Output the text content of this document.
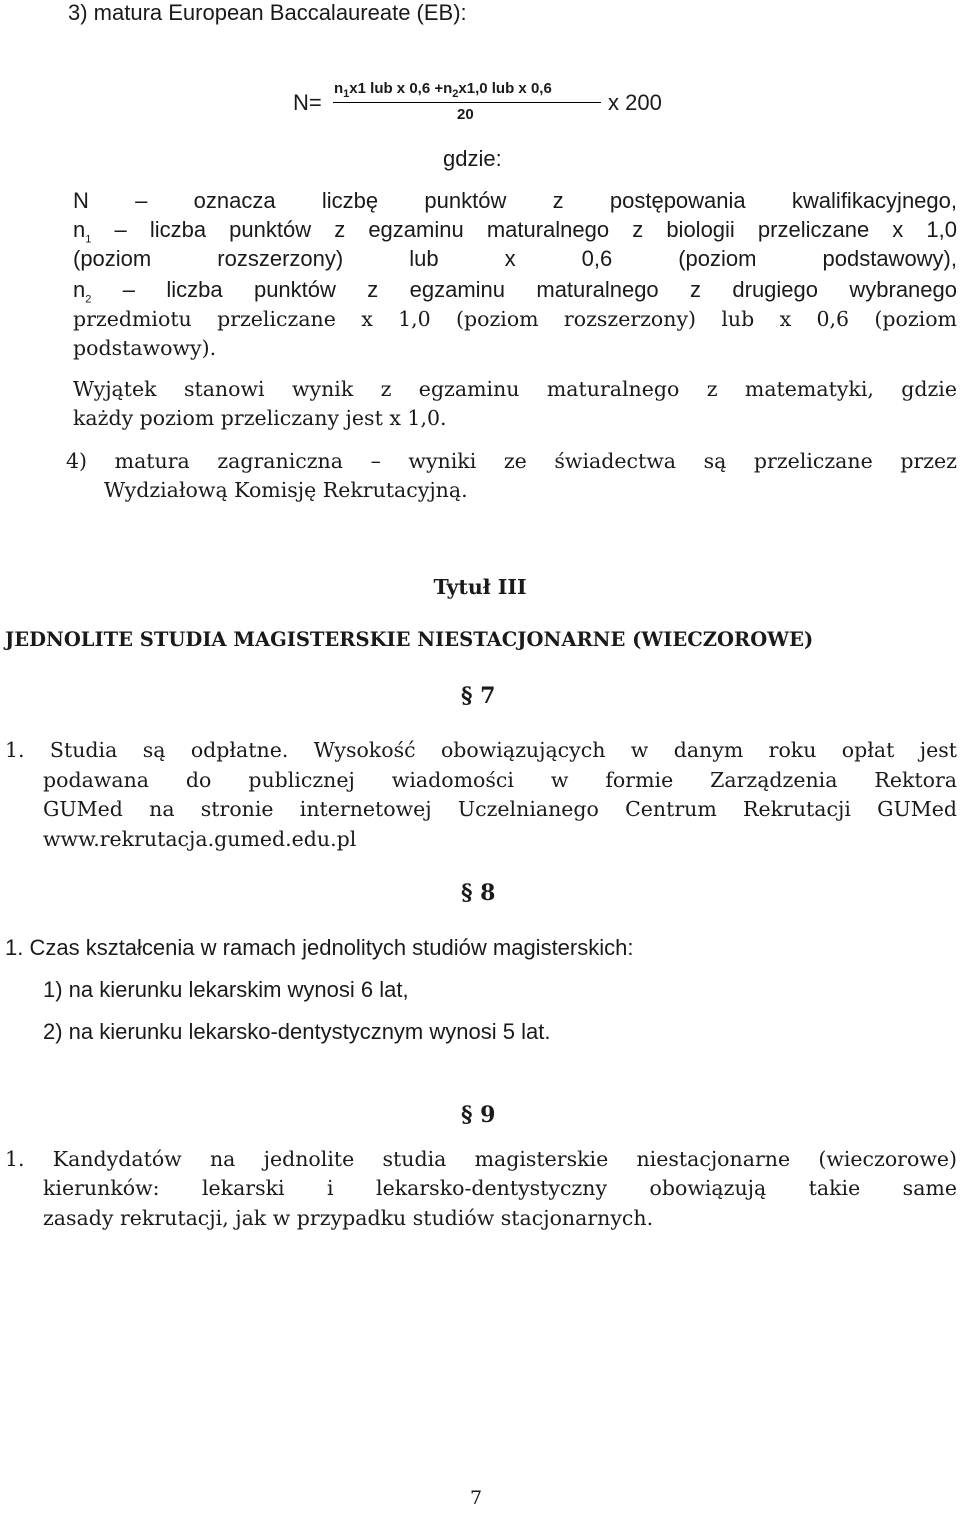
3) matura European Baccalaureate (EB):
N=
$n_1x1$ lub x $0,6 +n_2x1,0$ lub x 0,6
20	x 200
gdzie:
N – oznacza liczbę punktów z postępowania kwalifikacyjnego,
$n_1$ – liczba punktów z egzaminu maturalnego z biologii przeliczane x 1,0
(poziom rozszerzony) lub x 0,6 (poziom podstawowy),
$n_2$ – liczba punktów z egzaminu maturalnego z drugiego wybranego
przedmiotu przeliczane x 1,0 (poziom rozszerzony) lub x 0,6 (poziom
podstawowy).
Wyjątek stanowi wynik z egzaminu maturalnego z matematyki, gdzie
każdy poziom przeliczany jest x 1,0.
4) matura zagraniczna – wyniki ze świadectwa są przeliczane przez
Wydziałową Komisję Rekrutacyjną.
Tytuł III
JEDNOLITE STUDIA MAGISTERSKIE NIESTACJONARNE (WIECZOROWE)
§ 7
1. Studia są odpłatne. Wysokość obowiązujących w danym roku opłat jest
podawana do publicznej wiadomości w formie Zarządzenia Rektora
GUMed na stronie internetowej Uczelnianego Centrum Rekrutacji GUMed
www.rekrutacja.gumed.edu.pl
§ 8
1. Czas kształcenia w ramach jednolitych studiów magisterskich:
1) na kierunku lekarskim wynosi 6 lat,
2) na kierunku lekarsko-dentystycznym wynosi 5 lat.
§ 9
1. Kandydatów na jednolite studia magisterskie niestacjonarne (wieczorowe)
kierunków: lekarski i lekarsko-dentystyczny obowiązują takie same
zasady rekrutacji, jak w przypadku studiów stacjonarnych.
7
